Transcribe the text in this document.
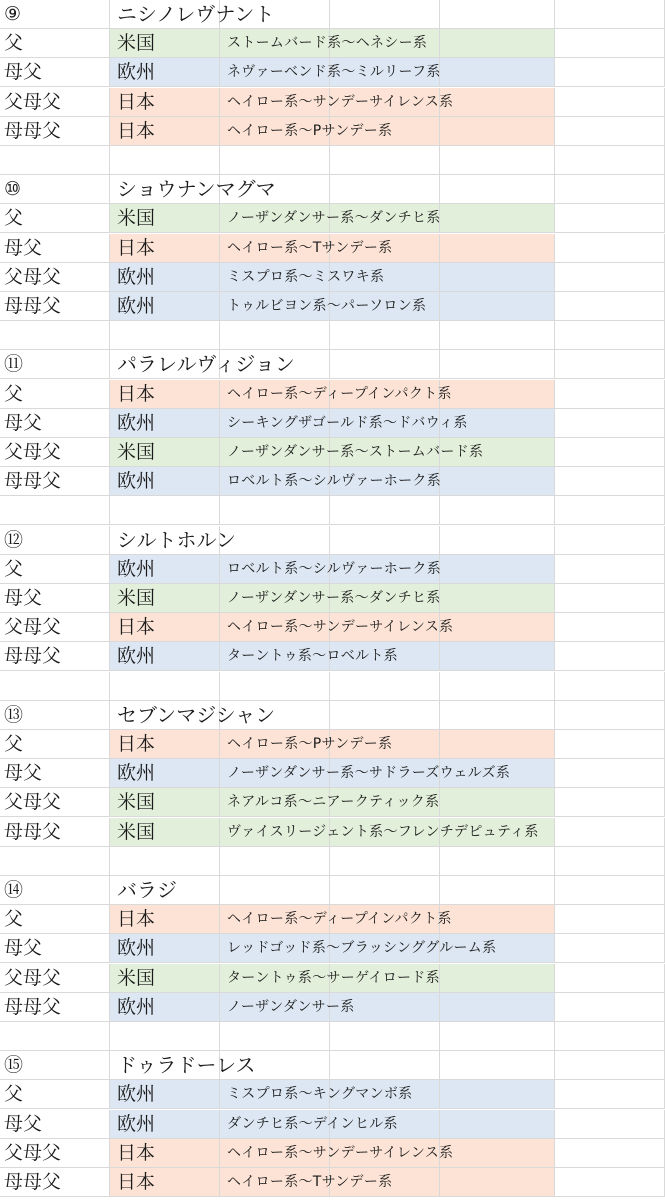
⑨	ニシノレヴナント
父	米国	ストームバード系〜ヘネシー系
母父	欧州	ネヴァーベンド系〜ミルリーフ系
父母父	日本	ヘイロー系〜サンデーサイレンス系
母母父	日本	ヘイロー系〜Pサンデー系
⑩	ショウナンマグマ
父	米国	ノーザンダンサー系〜ダンチヒ系
母父	日本	ヘイロー系〜Tサンデー系
父母父	欧州	ミスプロ系〜ミスワキ系
母母父	欧州	トゥルビヨン系〜パーソロン系
⑪	パラレルヴィジョン
父	日本	ヘイロー系〜ディープインパクト系
母父	欧州	シーキングザゴールド系〜ドバウィ系
父母父	米国	ノーザンダンサー系〜ストームバード系
母母父	欧州	ロベルト系〜シルヴァーホーク系
⑫	シルトホルン
父	欧州	ロベルト系〜シルヴァーホーク系
母父	米国	ノーザンダンサー系〜ダンチヒ系
父母父	日本	ヘイロー系〜サンデーサイレンス系
母母父	欧州	ターントゥ系〜ロベルト系
⑬	セブンマジシャン
父	日本	ヘイロー系〜Pサンデー系
母父	欧州	ノーザンダンサー系〜サドラーズウェルズ系
父母父	米国	ネアルコ系〜ニアークティック系
母母父	米国	ヴァイスリージェント系〜フレンチデピュティ系
⑭	バラジ
父	日本	ヘイロー系〜ディープインパクト系
母父	欧州	レッドゴッド系〜ブラッシンググルーム系
父母父	米国	ターントゥ系〜サーゲイロード系
母母父	欧州	ノーザンダンサー系
⑮	ドゥラドーレス
父	欧州	ミスプロ系〜キングマンボ系
母父	欧州	ダンチヒ系〜デインヒル系
父母父	日本	ヘイロー系〜サンデーサイレンス系
母母父	日本	ヘイロー系〜Tサンデー系
